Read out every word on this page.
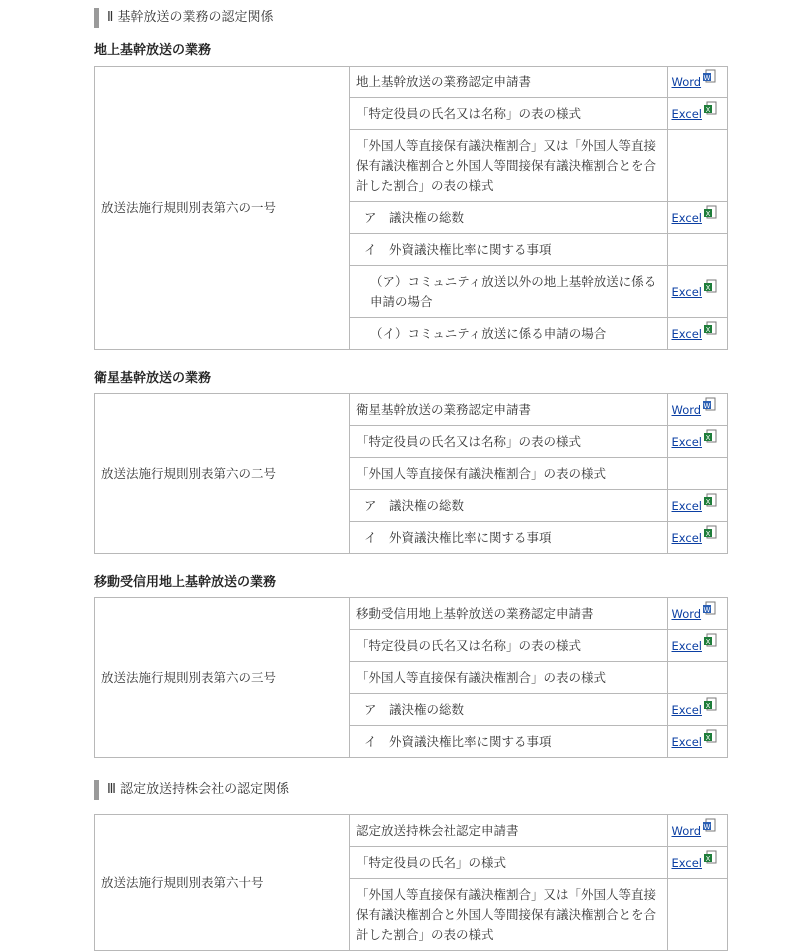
Ⅱ 基幹放送の業務の認定関係
地上基幹放送の業務
放送法施行規則別表第六の一号	地上基幹放送の業務認定申請書	Word W

	「特定役員の氏名又は名称」の表の様式	Excel X

	「外国人等直接保有議決権割合」又は「外国人等直接保有議決権割合と外国人等間接保有議決権割合とを合計した割合」の表の様式	
	ア　議決権の総数	Excel X

	イ　外資議決権比率に関する事項	
	（ア）コミュニティ放送以外の地上基幹放送に係る申請の場合	Excel X

	（イ）コミュニティ放送に係る申請の場合	Excel X
衛星基幹放送の業務
放送法施行規則別表第六の二号	衛星基幹放送の業務認定申請書	Word W

	「特定役員の氏名又は名称」の表の様式	Excel X

	「外国人等直接保有議決権割合」の表の様式	
	ア　議決権の総数	Excel X

	イ　外資議決権比率に関する事項	Excel X
移動受信用地上基幹放送の業務
放送法施行規則別表第六の三号	移動受信用地上基幹放送の業務認定申請書	Word W

	「特定役員の氏名又は名称」の表の様式	Excel X

	「外国人等直接保有議決権割合」の表の様式	
	ア　議決権の総数	Excel X

	イ　外資議決権比率に関する事項	Excel X
Ⅲ 認定放送持株会社の認定関係
放送法施行規則別表第六十号	認定放送持株会社認定申請書	Word W

	「特定役員の氏名」の様式	Excel X

	「外国人等直接保有議決権割合」又は「外国人等直接保有議決権割合と外国人等間接保有議決権割合とを合計した割合」の表の様式	
